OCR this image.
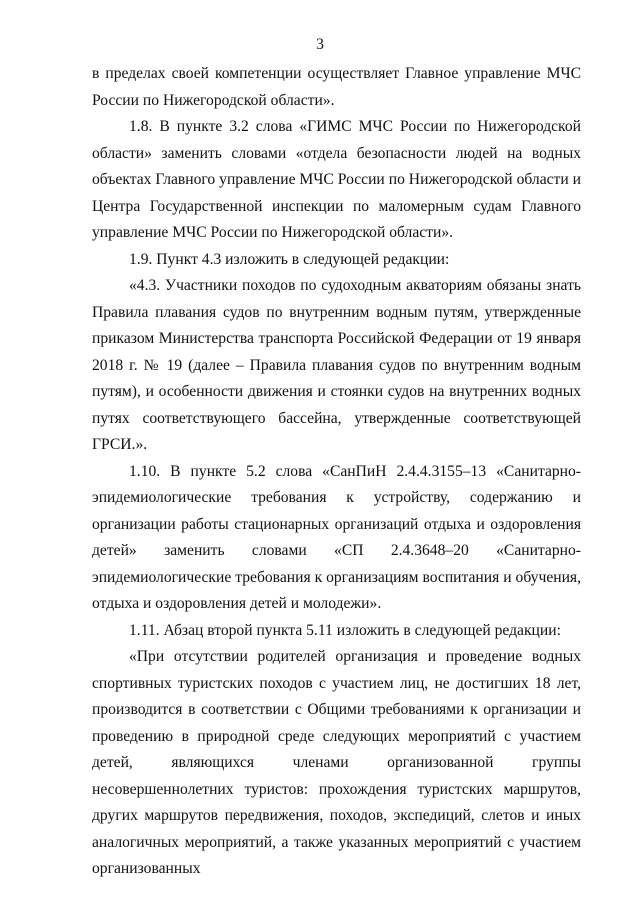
3

в пределах своей компетенции осуществляет Главное управление МЧС России по Нижегородской области».

1.8. В пункте 3.2 слова «ГИМС МЧС России по Нижегородской области» заменить словами «отдела безопасности людей на водных объектах Главного управление МЧС России по Нижегородской области и Центра Государственной инспекции по маломерным судам Главного управление МЧС России по Нижегородской области».

1.9. Пункт 4.3 изложить в следующей редакции:

«4.3. Участники походов по судоходным акваториям обязаны знать Правила плавания судов по внутренним водным путям, утвержденные приказом Министерства транспорта Российской Федерации от 19 января 2018 г. № 19 (далее – Правила плавания судов по внутренним водным путям), и особенности движения и стоянки судов на внутренних водных путях соответствующего бассейна, утвержденные соответствующей ГРСИ.».

1.10. В пункте 5.2 слова «СанПиН 2.4.4.3155–13 «Санитарно-эпидемиологические требования к устройству, содержанию и организации работы стационарных организаций отдыха и оздоровления детей» заменить словами «СП 2.4.3648–20 «Санитарно-эпидемиологические требования к организациям воспитания и обучения, отдыха и оздоровления детей и молодежи».

1.11. Абзац второй пункта 5.11 изложить в следующей редакции:

«При отсутствии родителей организация и проведение водных спортивных туристских походов с участием лиц, не достигших 18 лет, производится в соответствии с Общими требованиями к организации и проведению в природной среде следующих мероприятий с участием детей, являющихся членами организованной группы несовершеннолетних туристов: прохождения туристских маршрутов, других маршрутов передвижения, походов, экспедиций, слетов и иных аналогичных мероприятий, а также указанных мероприятий с участием организованных
